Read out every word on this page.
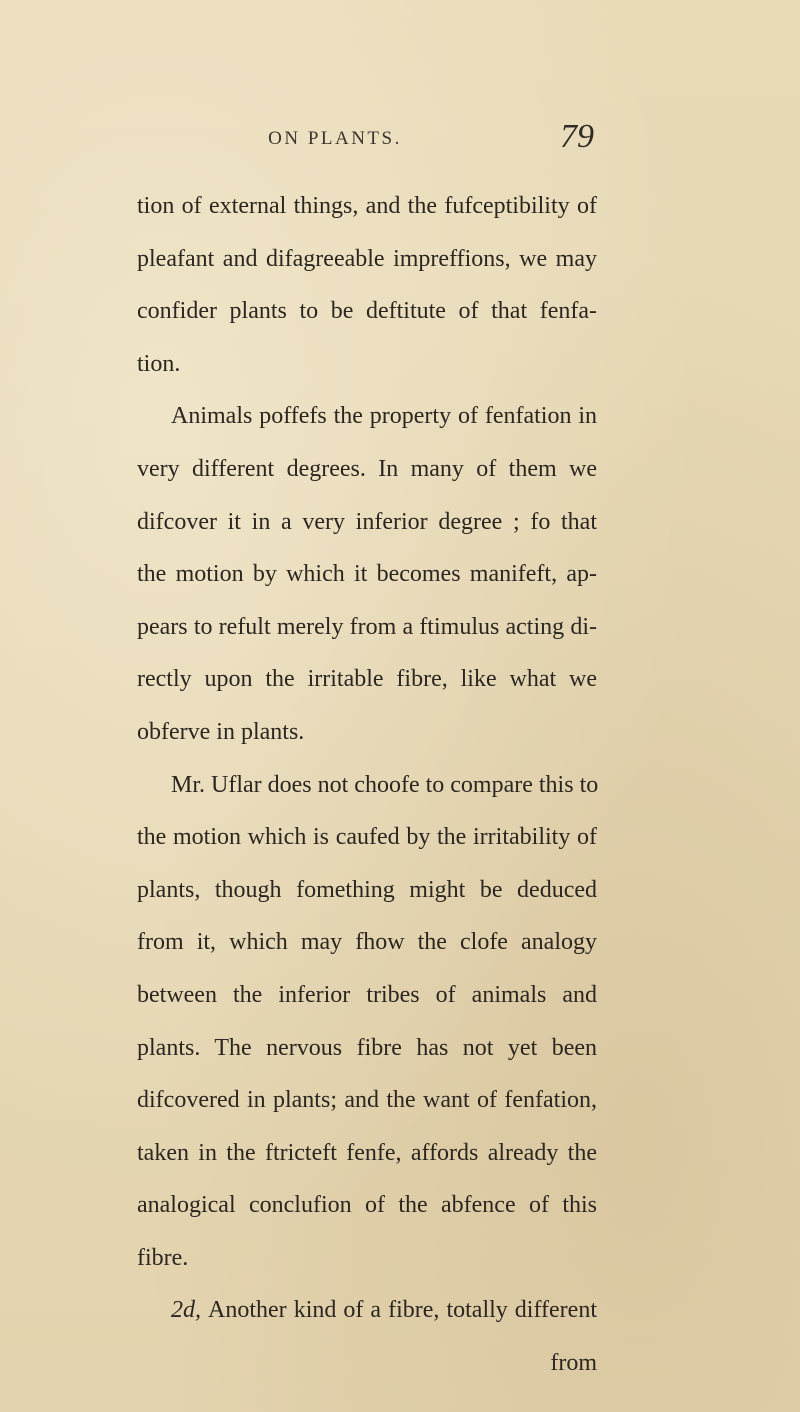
ON PLANTS.	79
tion of external things, and the fufceptibility of
pleafant and difagreeable impreffions, we may
confider plants to be deftitute of that fenfa-
tion.
Animals poffefs the property of fenfation in
very different degrees. In many of them we
difcover it in a very inferior degree ; fo that
the motion by which it becomes manifeft, ap-
pears to refult merely from a ftimulus acting di-
rectly upon the irritable fibre, like what we
obferve in plants.
Mr. Uflar does not choofe to compare this to
the motion which is caufed by the irritability of
plants, though fomething might be deduced
from it, which may fhow the clofe analogy
between the inferior tribes of animals and
plants. The nervous fibre has not yet been
difcovered in plants; and the want of fenfation,
taken in the ftricteft fenfe, affords already the
analogical conclufion of the abfence of this
fibre.
2d, Another kind of a fibre, totally different
from
